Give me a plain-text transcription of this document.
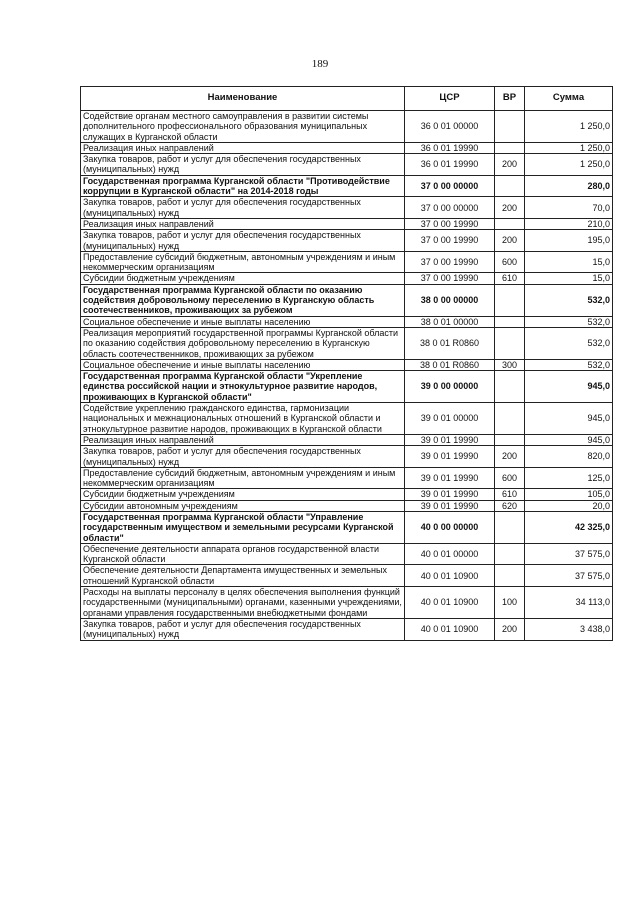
189
Наименование	ЦСР	ВР	Сумма
Содействие органам местного самоуправления в развитии системы дополнительного профессионального образования муниципальных служащих в Курганской области	36 0 01 00000		1 250,0
Реализация иных направлений	36 0 01 19990		1 250,0
Закупка товаров, работ и услуг для обеспечения государственных (муниципальных) нужд	36 0 01 19990	200	1 250,0
Государственная программа Курганской области "Противодействие коррупции в Курганской области" на 2014-2018 годы	37 0 00 00000		280,0
Закупка товаров, работ и услуг для обеспечения государственных (муниципальных) нужд	37 0 00 00000	200	70,0
Реализация иных направлений	37 0 00 19990		210,0
Закупка товаров, работ и услуг для обеспечения государственных (муниципальных) нужд	37 0 00 19990	200	195,0
Предоставление субсидий бюджетным, автономным учреждениям и иным некоммерческим организациям	37 0 00 19990	600	15,0
Субсидии бюджетным учреждениям	37 0 00 19990	610	15,0
Государственная программа Курганской области по оказанию содействия добровольному переселению в Курганскую область соотечественников, проживающих за рубежом	38 0 00 00000		532,0
Социальное обеспечение и иные выплаты населению	38 0 01 00000		532,0
Реализация мероприятий государственной программы Курганской области по оказанию содействия добровольному переселению в Курганскую область соотечественников, проживающих за рубежом	38 0 01 R0860		532,0
Социальное обеспечение и иные выплаты населению	38 0 01 R0860	300	532,0
Государственная программа Курганской области "Укрепление единства российской нации и этнокультурное развитие народов, проживающих в Курганской области"	39 0 00 00000		945,0
Содействие укреплению гражданского единства, гармонизации национальных и межнациональных отношений в Курганской области и этнокультурное развитие народов, проживающих в Курганской области	39 0 01 00000		945,0
Реализация иных направлений	39 0 01 19990		945,0
Закупка товаров, работ и услуг для обеспечения государственных (муниципальных) нужд	39 0 01 19990	200	820,0
Предоставление субсидий бюджетным, автономным учреждениям и иным некоммерческим организациям	39 0 01 19990	600	125,0
Субсидии бюджетным учреждениям	39 0 01 19990	610	105,0
Субсидии автономным учреждениям	39 0 01 19990	620	20,0
Государственная программа Курганской области "Управление государственным имуществом и земельными ресурсами Курганской области"	40 0 00 00000		42 325,0
Обеспечение деятельности аппарата органов государственной власти Курганской области	40 0 01 00000		37 575,0
Обеспечение деятельности Департамента имущественных и земельных отношений Курганской области	40 0 01 10900		37 575,0
Расходы на выплаты персоналу в целях обеспечения выполнения функций государственными (муниципальными) органами, казенными учреждениями, органами управления государственными внебюджетными фондами	40 0 01 10900	100	34 113,0
Закупка товаров, работ и услуг для обеспечения государственных (муниципальных) нужд	40 0 01 10900	200	3 438,0
